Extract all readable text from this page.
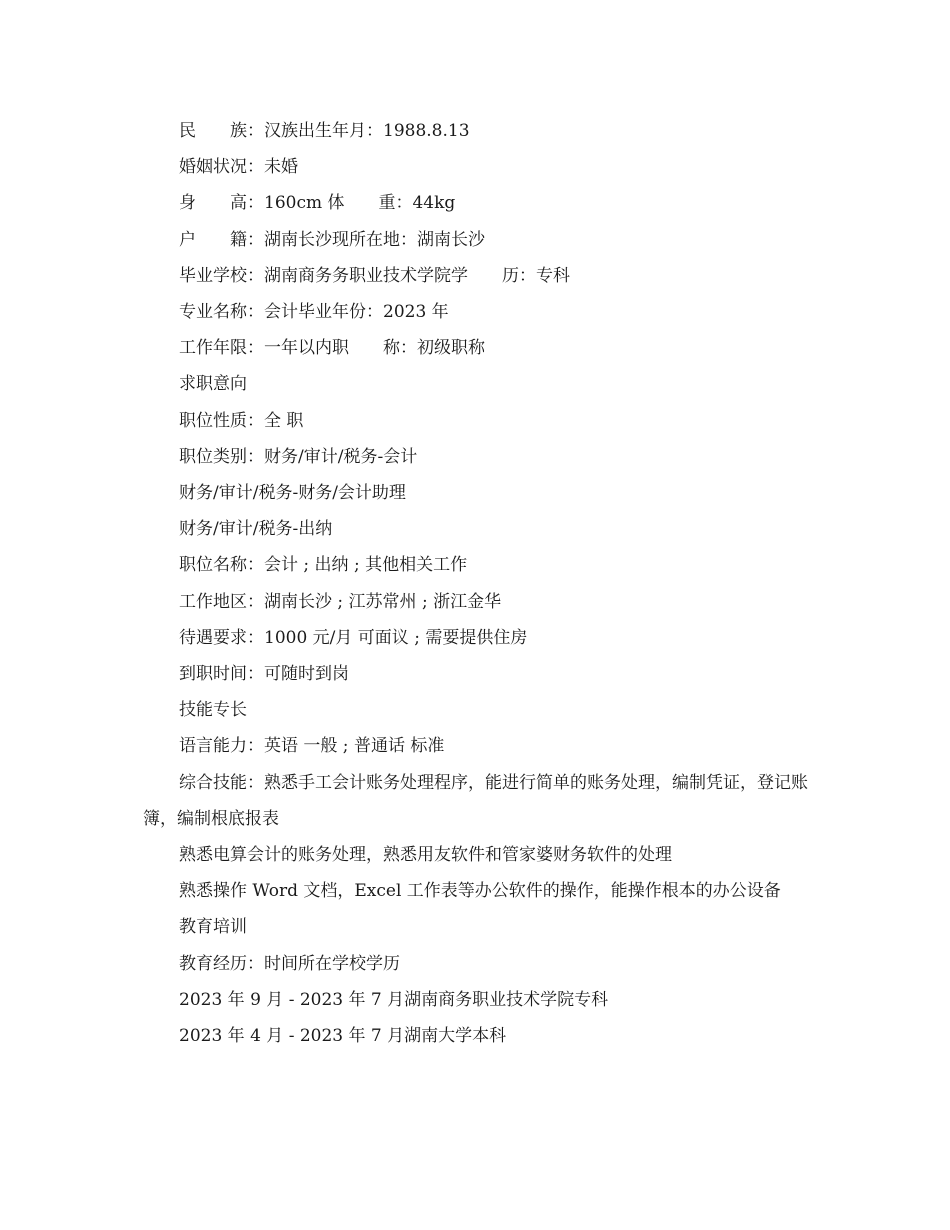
民　　族：汉族出生年月：1988.8.13
婚姻状况：未婚
身　　高：160cm 体　　重：44kg
户　　籍：湖南长沙现所在地：湖南长沙
毕业学校：湖南商务务职业技术学院学　　历：专科
专业名称：会计毕业年份：2023 年
工作年限：一年以内职　　称：初级职称
求职意向
职位性质：全 职
职位类别：财务/审计/税务-会计
财务/审计/税务-财务/会计助理
财务/审计/税务-出纳
职位名称：会计 ; 出纳 ; 其他相关工作
工作地区：湖南长沙 ; 江苏常州 ; 浙江金华
待遇要求：1000 元/月 可面议 ; 需要提供住房
到职时间：可随时到岗
技能专长
语言能力：英语 一般 ; 普通话 标准
综合技能：熟悉手工会计账务处理程序，能进行简单的账务处理，编制凭证，登记账簿，编制根底报表
熟悉电算会计的账务处理，熟悉用友软件和管家婆财务软件的处理
熟悉操作 Word 文档，Excel 工作表等办公软件的操作，能操作根本的办公设备
教育培训
教育经历：时间所在学校学历
2023 年 9 月 - 2023 年 7 月湖南商务职业技术学院专科
2023 年 4 月 - 2023 年 7 月湖南大学本科
